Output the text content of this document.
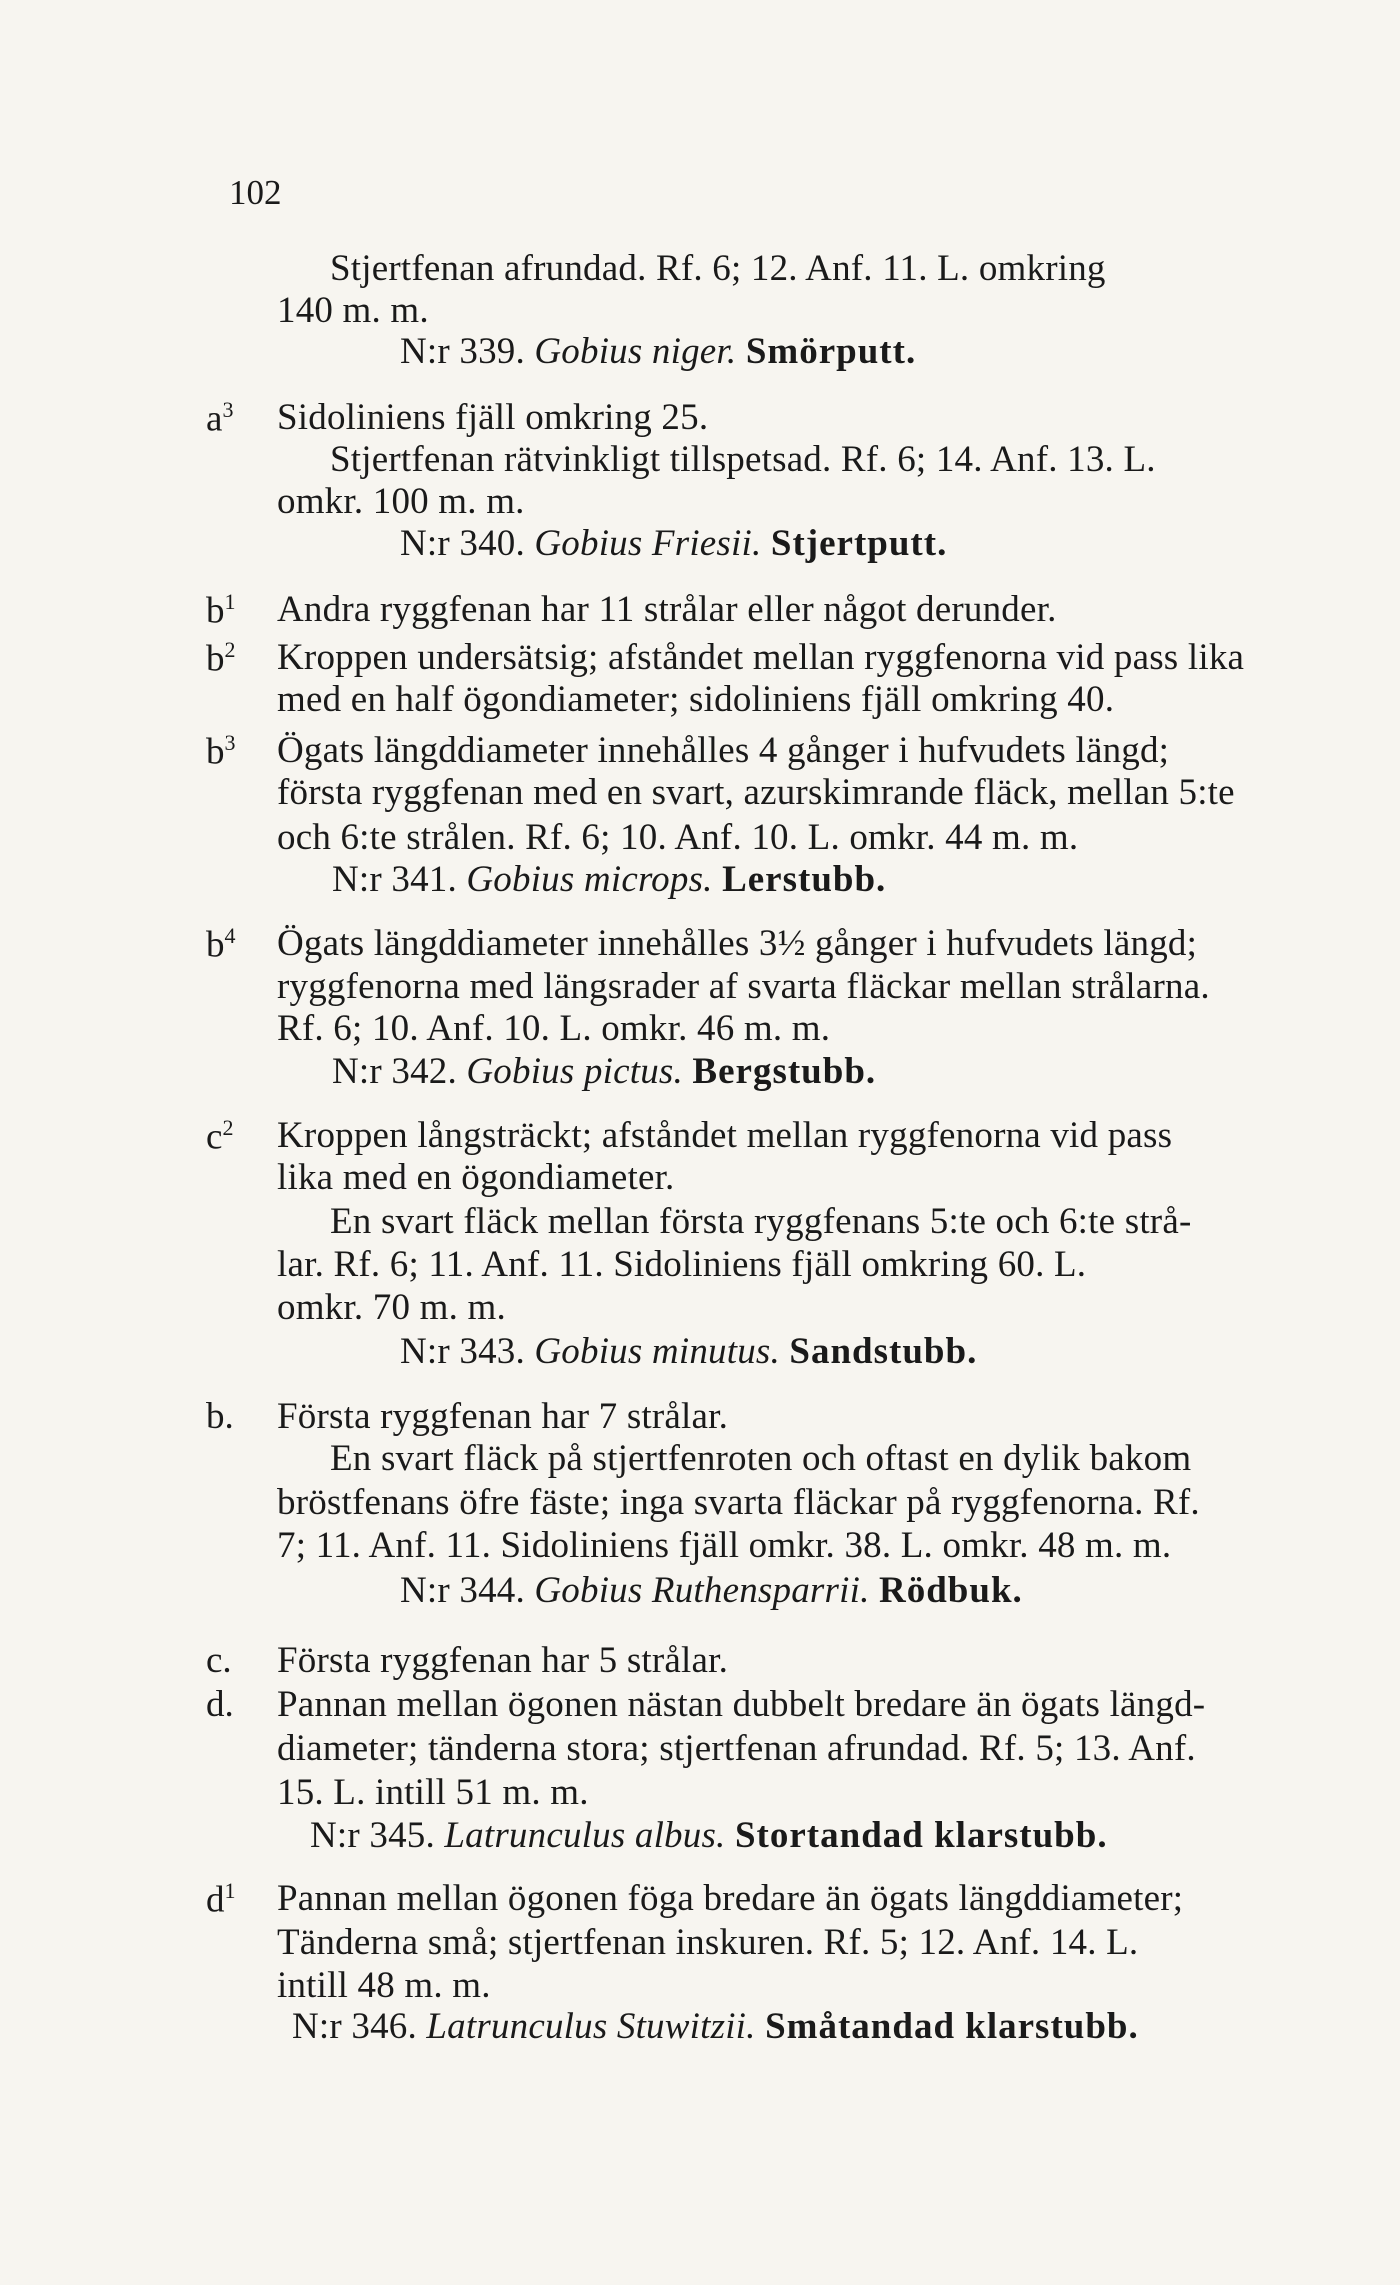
102
Stjertfenan afrundad. Rf. 6; 12. Anf. 11. L. omkring
140 m. m.
N:r 339. Gobius niger. Smörputt.
$a^3$ Sidoliniens fjäll omkring 25.
Stjertfenan rätvinkligt tillspetsad. Rf. 6; 14. Anf. 13. L.
omkr. 100 m. m.
N:r 340. Gobius Friesii. Stjertputt.
$b^1$ Andra ryggfenan har 11 strålar eller något derunder.
$b^2$ Kroppen undersätsig; afståndet mellan ryggfenorna vid pass lika
med en half ögondiameter; sidoliniens fjäll omkring 40.
$b^3$ Ögats längddiameter innehålles 4 gånger i hufvudets längd;
första ryggfenan med en svart, azurskimrande fläck, mellan 5:te
och 6:te strålen. Rf. 6; 10. Anf. 10. L. omkr. 44 m. m.
N:r 341. Gobius microps. Lerstubb.
$b^4$ Ögats längddiameter innehålles 3½ gånger i hufvudets längd;
ryggfenorna med längsrader af svarta fläckar mellan strålarna.
Rf. 6; 10. Anf. 10. L. omkr. 46 m. m.
N:r 342. Gobius pictus. Bergstubb.
$c^2$ Kroppen långsträckt; afståndet mellan ryggfenorna vid pass
lika med en ögondiameter.
En svart fläck mellan första ryggfenans 5:te och 6:te strå-
lar. Rf. 6; 11. Anf. 11. Sidoliniens fjäll omkring 60. L.
omkr. 70 m. m.
N:r 343. Gobius minutus. Sandstubb.
b. Första ryggfenan har 7 strålar.
En svart fläck på stjertfenroten och oftast en dylik bakom
bröstfenans öfre fäste; inga svarta fläckar på ryggfenorna. Rf.
7; 11. Anf. 11. Sidoliniens fjäll omkr. 38. L. omkr. 48 m. m.
N:r 344. Gobius Ruthensparrii. Rödbuk.
c. Första ryggfenan har 5 strålar.
d. Pannan mellan ögonen nästan dubbelt bredare än ögats längd-
diameter; tänderna stora; stjertfenan afrundad. Rf. 5; 13. Anf.
15. L. intill 51 m. m.
N:r 345. Latrunculus albus. Stortandad klarstubb.
$d^1$ Pannan mellan ögonen föga bredare än ögats längddiameter;
Tänderna små; stjertfenan inskuren. Rf. 5; 12. Anf. 14. L.
intill 48 m. m.
N:r 346. Latrunculus Stuwitzii. Småtandad klarstubb.
